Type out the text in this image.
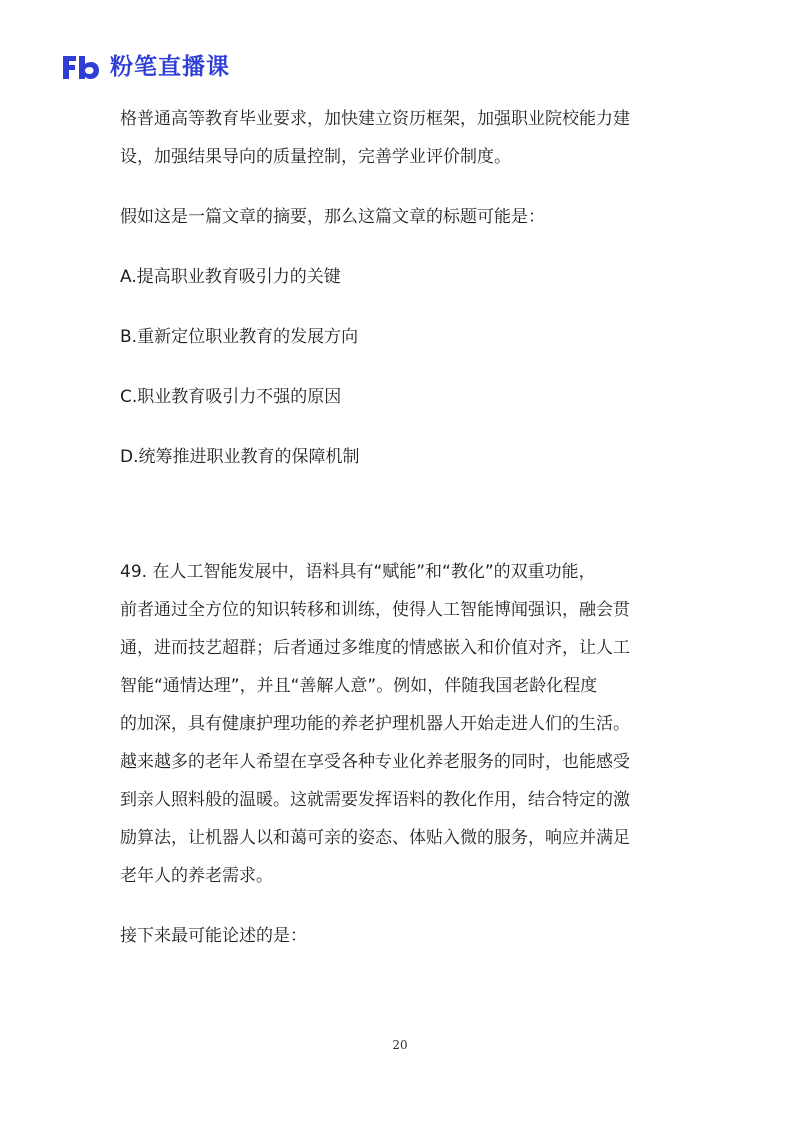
粉笔直播课

格普通高等教育毕业要求，加快建立资历框架，加强职业院校能力建

设，加强结果导向的质量控制，完善学业评价制度。

假如这是一篇文章的摘要，那么这篇文章的标题可能是：

A.提高职业教育吸引力的关键

B.重新定位职业教育的发展方向

C.职业教育吸引力不强的原因

D.统筹推进职业教育的保障机制

49. 在人工智能发展中，语料具有“赋能”和“教化”的双重功能，

前者通过全方位的知识转移和训练，使得人工智能博闻强识，融会贯

通，进而技艺超群；后者通过多维度的情感嵌入和价值对齐，让人工

智能“通情达理”，并且“善解人意”。例如，伴随我国老龄化程度

的加深，具有健康护理功能的养老护理机器人开始走进人们的生活。

越来越多的老年人希望在享受各种专业化养老服务的同时，也能感受

到亲人照料般的温暖。这就需要发挥语料的教化作用，结合特定的激

励算法，让机器人以和蔼可亲的姿态、体贴入微的服务，响应并满足

老年人的养老需求。

接下来最可能论述的是：

20
